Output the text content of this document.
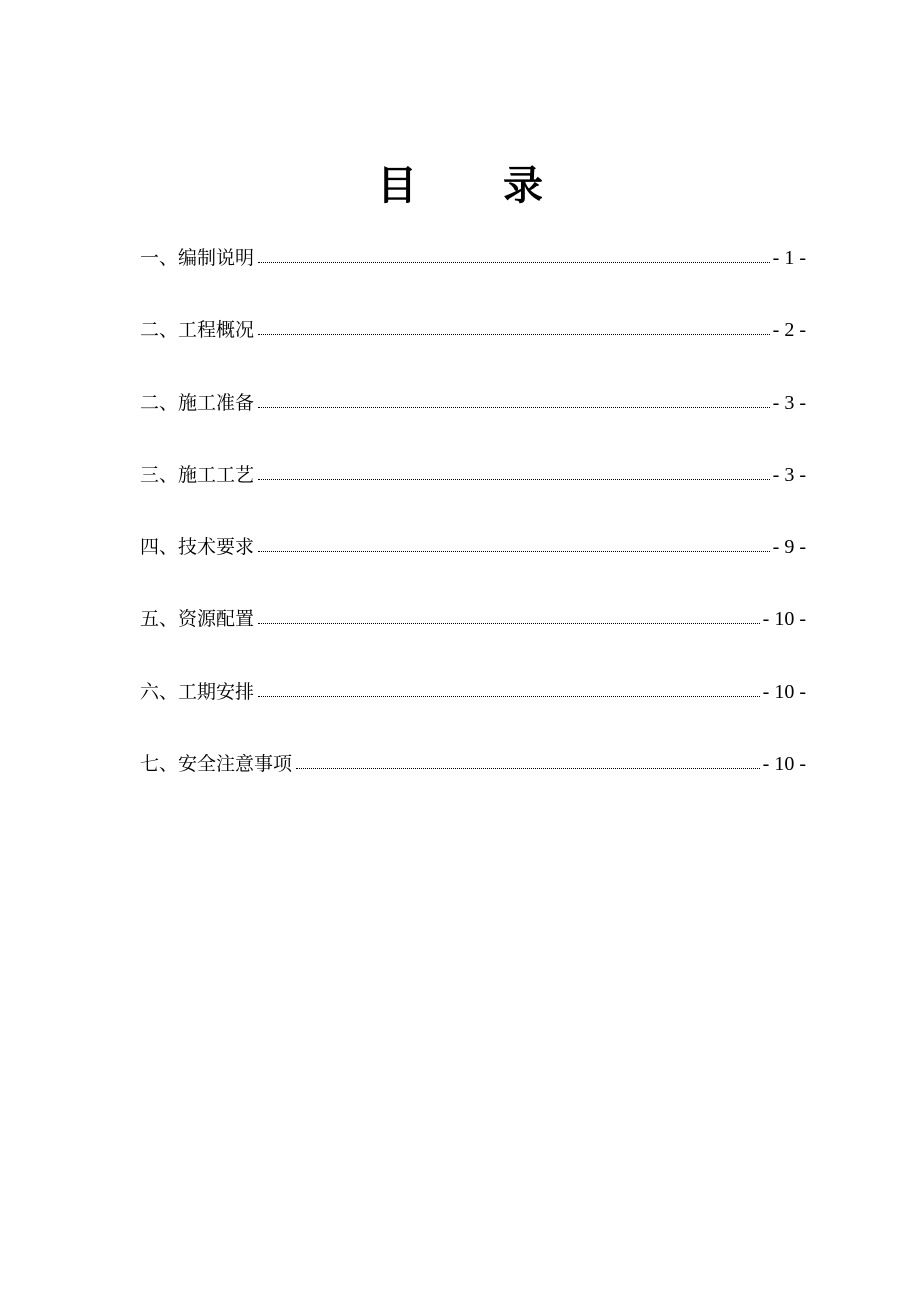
目 录
一、编制说明	- 1 -
二、工程概况	- 2 -
二、施工准备	- 3 -
三、施工工艺	- 3 -
四、技术要求	- 9 -
五、资源配置	- 10 -
六、工期安排	- 10 -
七、安全注意事项	- 10 -
